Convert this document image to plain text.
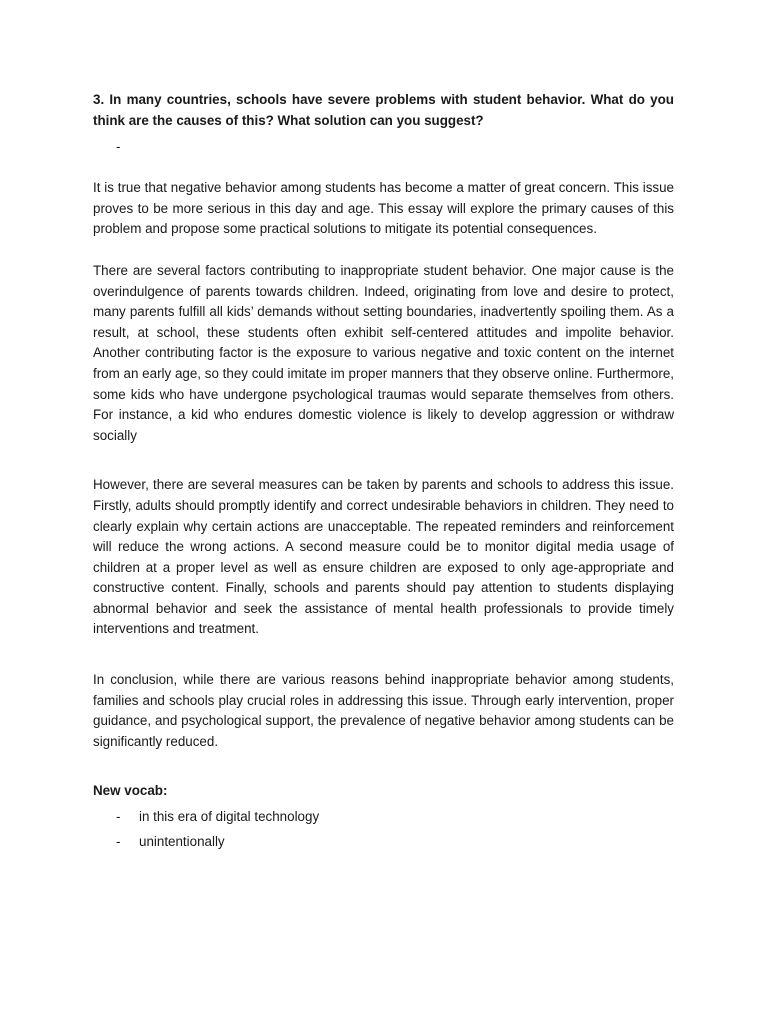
3. In many countries, schools have severe problems with student behavior. What do you think are the causes of this? What solution can you suggest?

-

It is true that negative behavior among students has become a matter of great concern. This issue proves to be more serious in this day and age. This essay will explore the primary causes of this problem and propose some practical solutions to mitigate its potential consequences.

There are several factors contributing to inappropriate student behavior. One major cause is the overindulgence of parents towards children. Indeed, originating from love and desire to protect, many parents fulfill all kids’ demands without setting boundaries, inadvertently spoiling them. As a result, at school, these students often exhibit self-centered attitudes and impolite behavior. Another contributing factor is the exposure to various negative and toxic content on the internet from an early age, so they could imitate im proper manners that they observe online. Furthermore, some kids who have undergone psychological traumas would separate themselves from others. For instance, a kid who endures domestic violence is likely to develop aggression or withdraw socially

However, there are several measures can be taken by parents and schools to address this issue. Firstly, adults should promptly identify and correct undesirable behaviors in children. They need to clearly explain why certain actions are unacceptable. The repeated reminders and reinforcement will reduce the wrong actions. A second measure could be to monitor digital media usage of children at a proper level as well as ensure children are exposed to only age-appropriate and constructive content. Finally, schools and parents should pay attention to students displaying abnormal behavior and seek the assistance of mental health professionals to provide timely interventions and treatment.

In conclusion, while there are various reasons behind inappropriate behavior among students, families and schools play crucial roles in addressing this issue. Through early intervention, proper guidance, and psychological support, the prevalence of negative behavior among students can be significantly reduced.

New vocab:
- in this era of digital technology
- unintentionally
